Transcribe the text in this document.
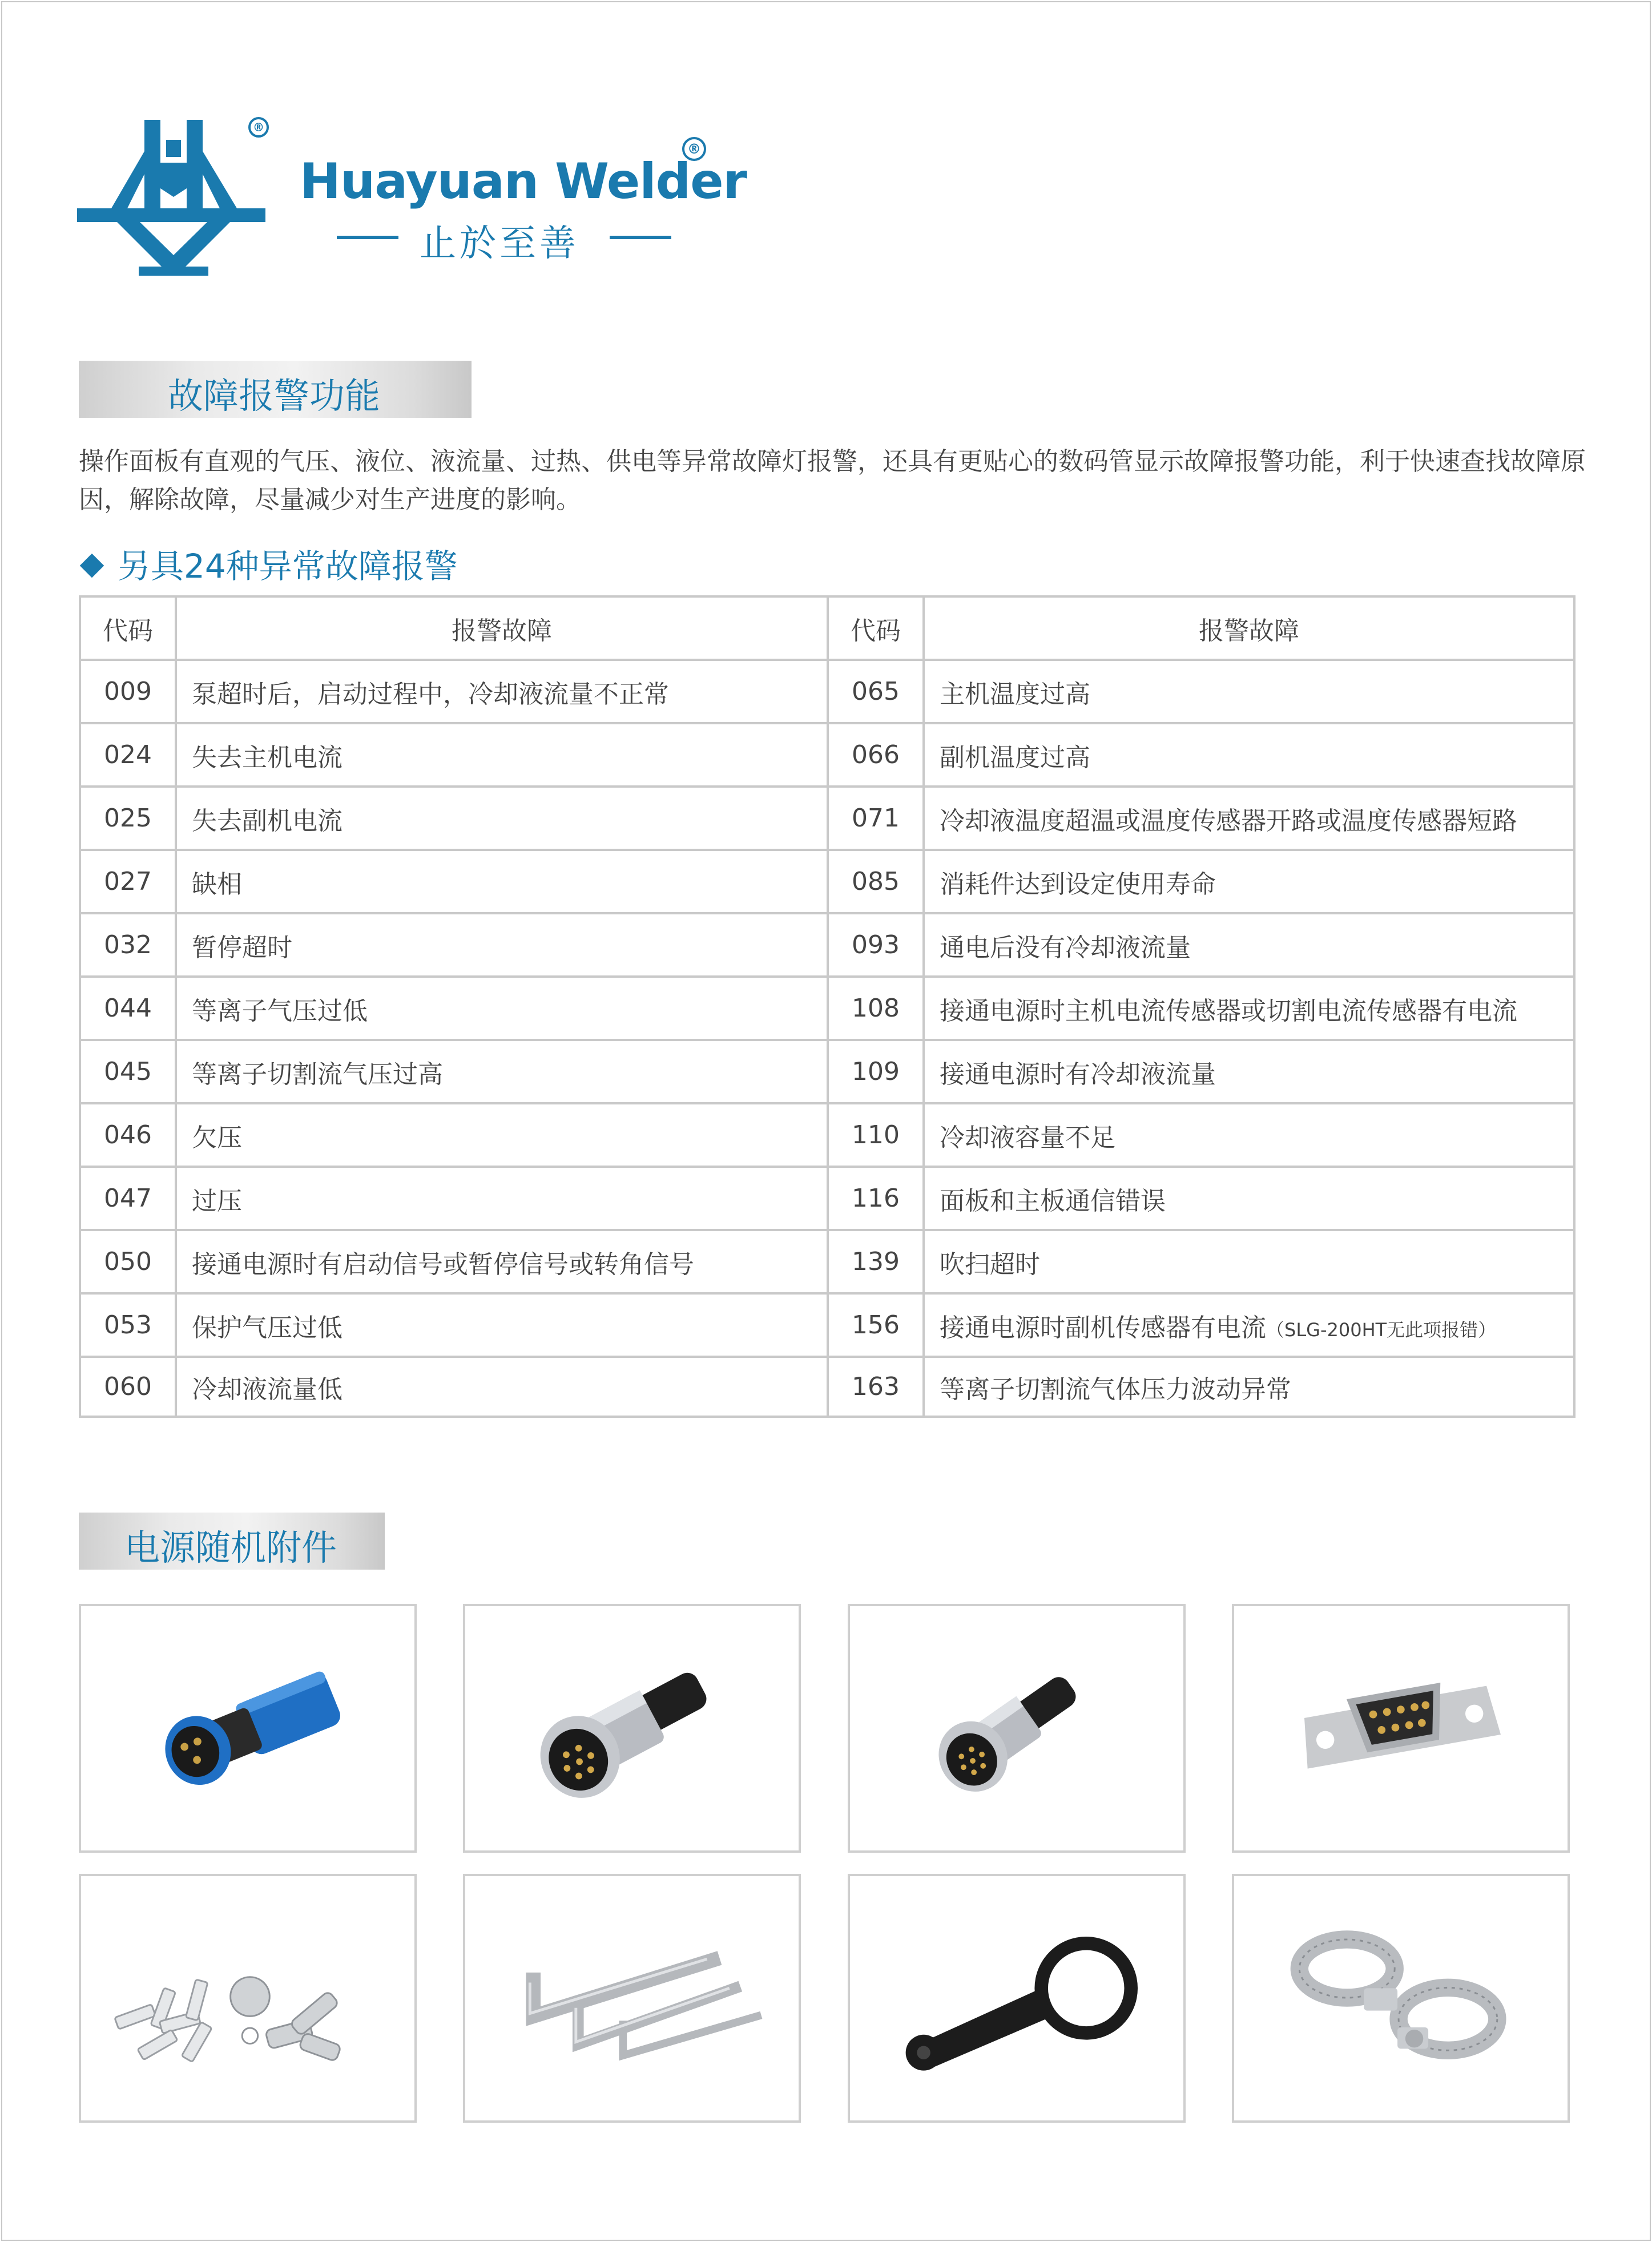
®
Huayuan Welder
®
止於至善
故障报警功能
操作面板有直观的气压、液位、液流量、过热、供电等异常故障灯报警，还具有更贴心的数码管显示故障报警功能，利于快速查找故障原因，解除故障，尽量减少对生产进度的影响。
另具24种异常故障报警
代码	报警故障	代码	报警故障
009	泵超时后，启动过程中，冷却液流量不正常	065	主机温度过高
024	失去主机电流	066	副机温度过高
025	失去副机电流	071	冷却液温度超温或温度传感器开路或温度传感器短路
027	缺相	085	消耗件达到设定使用寿命
032	暂停超时	093	通电后没有冷却液流量
044	等离子气压过低	108	接通电源时主机电流传感器或切割电流传感器有电流
045	等离子切割流气压过高	109	接通电源时有冷却液流量
046	欠压	110	冷却液容量不足
047	过压	116	面板和主板通信错误
050	接通电源时有启动信号或暂停信号或转角信号	139	吹扫超时
053	保护气压过低	156	接通电源时副机传感器有电流（SLG-200HT无此项报错）
060	冷却液流量低	163	等离子切割流气体压力波动异常
电源随机附件
